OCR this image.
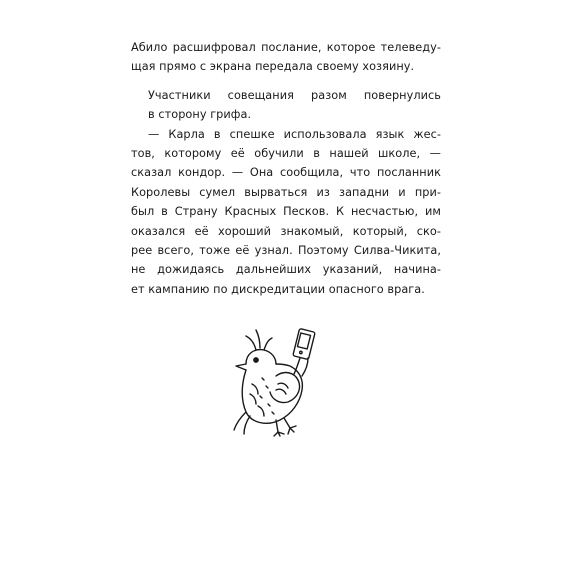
Абило расшифровал послание, которое телеведу-
щая прямо с экрана передала своему хозяину.
Участники совещания разом повернулись
в сторону грифа.
— Карла в спешке использовала язык жес-
тов, которому её обучили в нашей школе, —
сказал кондор. — Она сообщила, что посланник
Королевы сумел вырваться из западни и при-
был в Страну Красных Песков. К несчастью, им
оказался её хороший знакомый, который, ско-
рее всего, тоже её узнал. Поэтому Силва-Чикита,
не дожидаясь дальнейших указаний, начина-
ет кампанию по дискредитации опасного врага.
